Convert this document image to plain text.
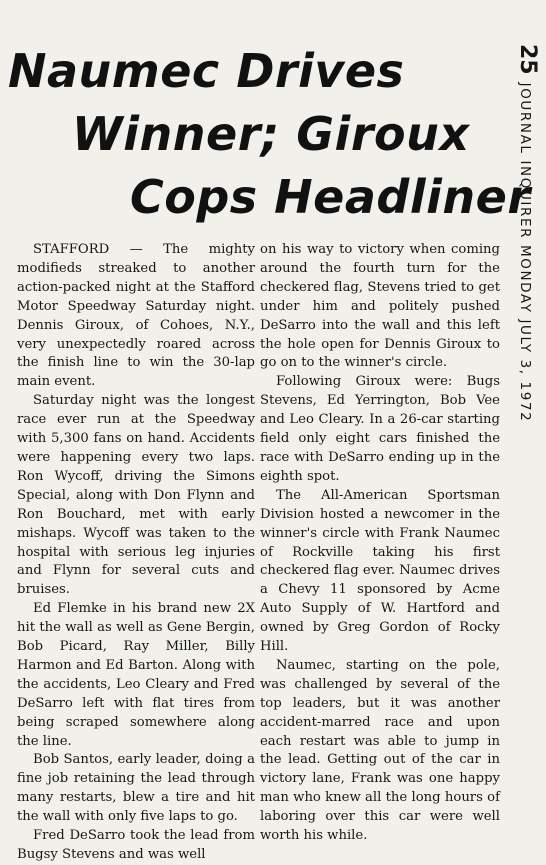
Naumec Drives
Winner; Giroux
Cops Headliner
25JOURNAL INQUIRER MONDAY JULY 3, 1972

STAFFORD — The mighty modifieds streaked to another action-packed night at the Stafford Motor Speedway Saturday night. Dennis Giroux, of Cohoes, N.Y., very unexpectedly roared across the finish line to win the 30-lap main event.

Saturday night was the longest race ever run at the Speedway with 5,300 fans on hand. Accidents were happening every two laps. Ron Wycoff, driving the Simons Special, along with Don Flynn and Ron Bouchard, met with early mishaps. Wycoff was taken to the hospital with serious leg injuries and Flynn for several cuts and bruises.

Ed Flemke in his brand new 2X hit the wall as well as Gene Bergin, Bob Picard, Ray Miller, Billy Harmon and Ed Barton. Along with the accidents, Leo Cleary and Fred DeSarro left with flat tires from being scraped somewhere along the line.

Bob Santos, early leader, doing a fine job retaining the lead through many restarts, blew a tire and hit the wall with only five laps to go.

Fred DeSarro took the lead from Bugsy Stevens and was well

on his way to victory when coming around the fourth turn for the checkered flag, Stevens tried to get under him and politely pushed DeSarro into the wall and this left the hole open for Dennis Giroux to go on to the winner's circle.

Following Giroux were: Bugs Stevens, Ed Yerrington, Bob Vee and Leo Cleary. In a 26-car starting field only eight cars finished the race with DeSarro ending up in the eighth spot.

The All-American Sportsman Division hosted a newcomer in the winner's circle with Frank Naumec of Rockville taking his first checkered flag ever. Naumec drives a Chevy 11 sponsored by Acme Auto Supply of W. Hartford and owned by Greg Gordon of Rocky Hill.

Naumec, starting on the pole, was challenged by several of the top leaders, but it was another accident-marred race and upon each restart was able to jump in the lead. Getting out of the car in victory lane, Frank was one happy man who knew all the long hours of laboring over this car were well worth his while.
